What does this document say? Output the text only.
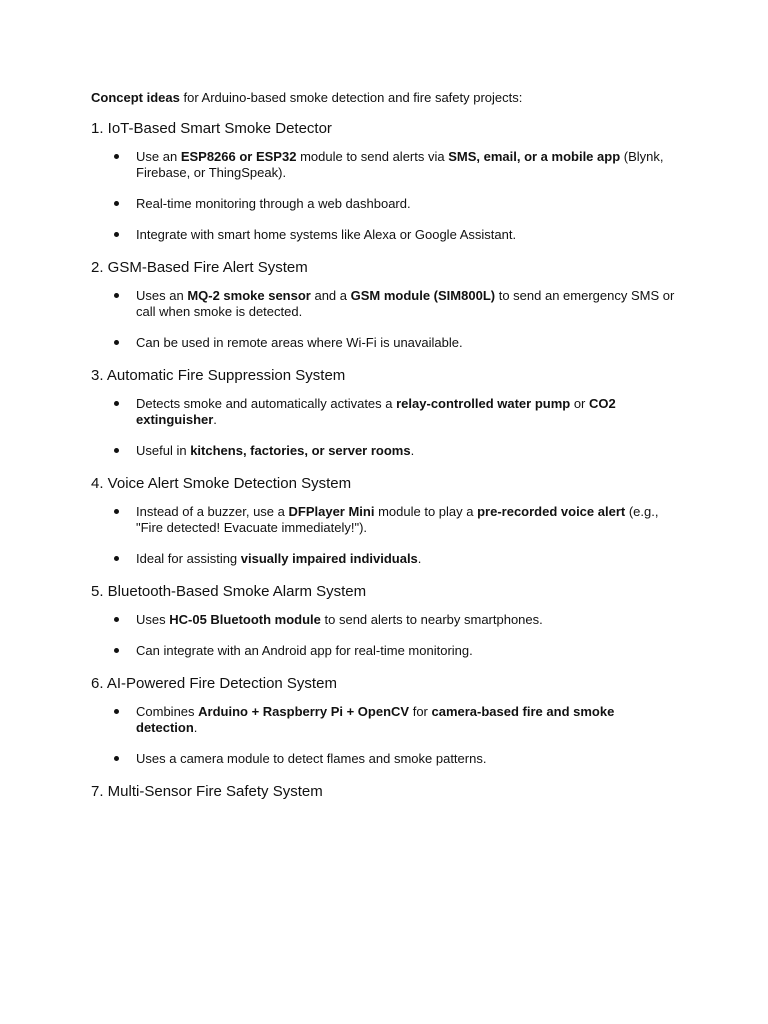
Concept ideas for Arduino-based smoke detection and fire safety projects:

1. IoT-Based Smart Smoke Detector
Use an ESP8266 or ESP32 module to send alerts via SMS, email, or a mobile app (Blynk, Firebase, or ThingSpeak).
Real-time monitoring through a web dashboard.
Integrate with smart home systems like Alexa or Google Assistant.
2. GSM-Based Fire Alert System
Uses an MQ-2 smoke sensor and a GSM module (SIM800L) to send an emergency SMS or call when smoke is detected.
Can be used in remote areas where Wi-Fi is unavailable.
3. Automatic Fire Suppression System
Detects smoke and automatically activates a relay-controlled water pump or CO2 extinguisher.
Useful in kitchens, factories, or server rooms.
4. Voice Alert Smoke Detection System
Instead of a buzzer, use a DFPlayer Mini module to play a pre-recorded voice alert (e.g., "Fire detected! Evacuate immediately!").
Ideal for assisting visually impaired individuals.
5. Bluetooth-Based Smoke Alarm System
Uses HC-05 Bluetooth module to send alerts to nearby smartphones.
Can integrate with an Android app for real-time monitoring.
6. AI-Powered Fire Detection System
Combines Arduino + Raspberry Pi + OpenCV for camera-based fire and smoke detection.
Uses a camera module to detect flames and smoke patterns.
7. Multi-Sensor Fire Safety System
